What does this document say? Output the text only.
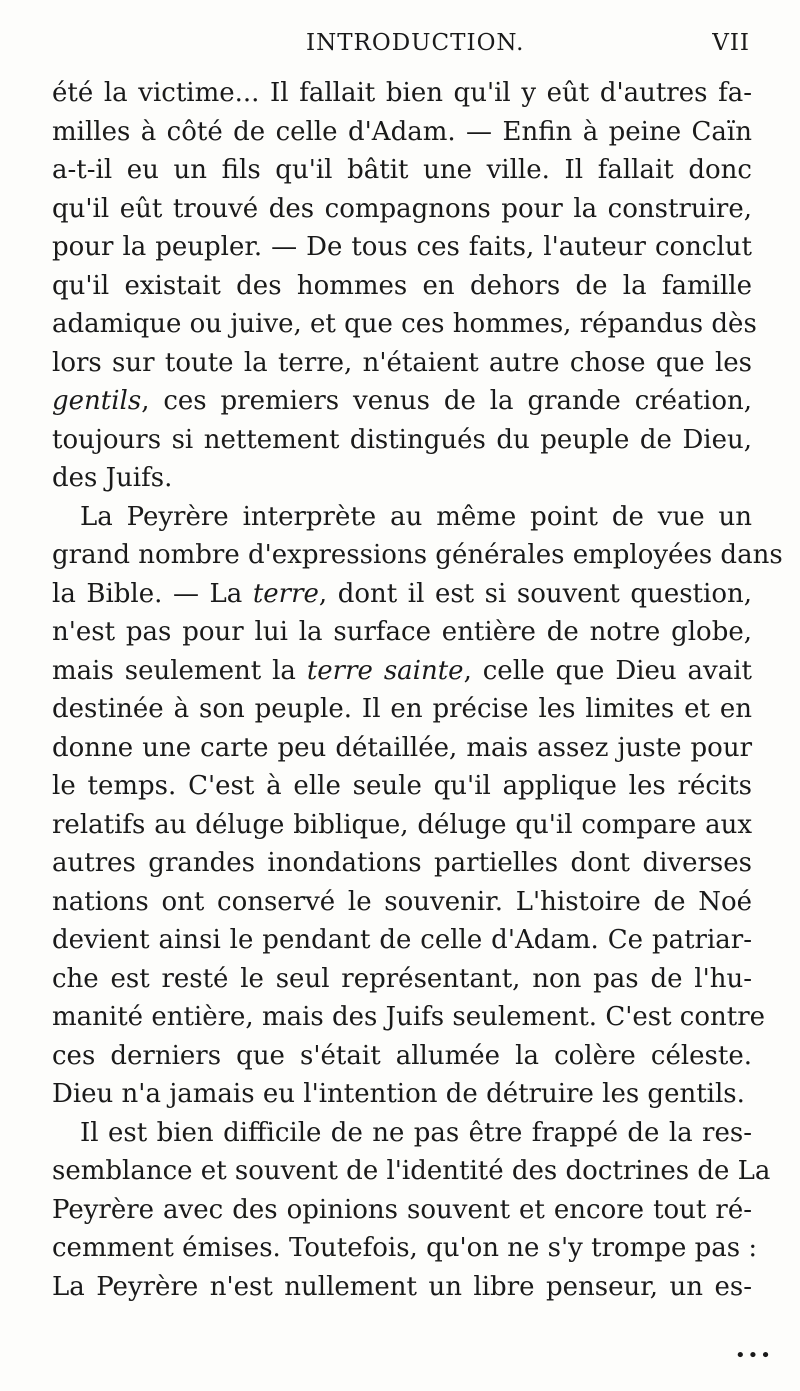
INTRODUCTION.	VII
été la victime... Il fallait bien qu'il y eût d'autres fa-
milles à côté de celle d'Adam. — Enfin à peine Caïn
a-t-il eu un fils qu'il bâtit une ville. Il fallait donc
qu'il eût trouvé des compagnons pour la construire,
pour la peupler. — De tous ces faits, l'auteur conclut
qu'il existait des hommes en dehors de la famille
adamique ou juive, et que ces hommes, répandus dès
lors sur toute la terre, n'étaient autre chose que les
gentils, ces premiers venus de la grande création,
toujours si nettement distingués du peuple de Dieu,
des Juifs.
La Peyrère interprète au même point de vue un
grand nombre d'expressions générales employées dans
la Bible. — La terre, dont il est si souvent question,
n'est pas pour lui la surface entière de notre globe,
mais seulement la terre sainte, celle que Dieu avait
destinée à son peuple. Il en précise les limites et en
donne une carte peu détaillée, mais assez juste pour
le temps. C'est à elle seule qu'il applique les récits
relatifs au déluge biblique, déluge qu'il compare aux
autres grandes inondations partielles dont diverses
nations ont conservé le souvenir. L'histoire de Noé
devient ainsi le pendant de celle d'Adam. Ce patriar-
che est resté le seul représentant, non pas de l'hu-
manité entière, mais des Juifs seulement. C'est contre
ces derniers que s'était allumée la colère céleste.
Dieu n'a jamais eu l'intention de détruire les gentils.
Il est bien difficile de ne pas être frappé de la res-
semblance et souvent de l'identité des doctrines de La
Peyrère avec des opinions souvent et encore tout ré-
cemment émises. Toutefois, qu'on ne s'y trompe pas :
La Peyrère n'est nullement un libre penseur, un es-
•••
